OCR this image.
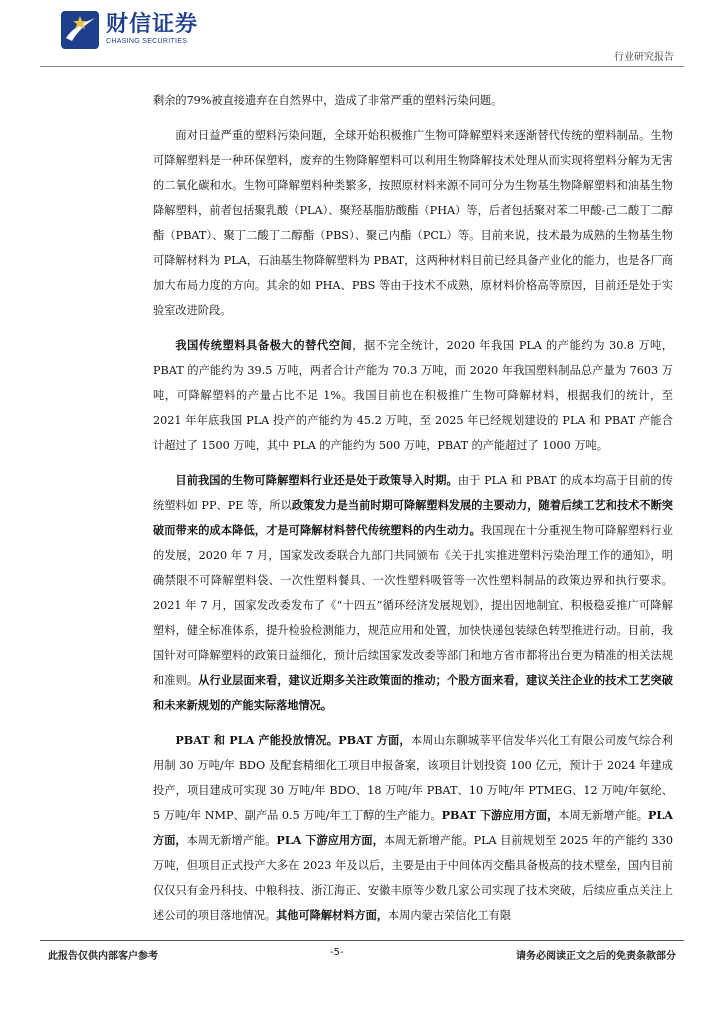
财信证券
CHASING SECURITIES
行业研究报告

剩余的79%被直接遗弃在自然界中，造成了非常严重的塑料污染问题。

面对日益严重的塑料污染问题，全球开始积极推广生物可降解塑料来逐渐替代传统的塑料制品。生物可降解塑料是一种环保塑料，废弃的生物降解塑料可以利用生物降解技术处理从而实现将塑料分解为无害的二氧化碳和水。生物可降解塑料种类繁多，按照原材料来源不同可分为生物基生物降解塑料和油基生物降解塑料，前者包括聚乳酸（PLA）、聚羟基脂肪酸酯（PHA）等，后者包括聚对苯二甲酸-己二酸丁二醇酯（PBAT）、聚丁二酸丁二醇酯（PBS）、聚己内酯（PCL）等。目前来说，技术最为成熟的生物基生物可降解材料为 PLA，石油基生物降解塑料为 PBAT，这两种材料目前已经具备产业化的能力，也是各厂商加大布局力度的方向。其余的如 PHA、PBS 等由于技术不成熟，原材料价格高等原因，目前还是处于实验室改进阶段。

我国传统塑料具备极大的替代空间，据不完全统计，2020 年我国 PLA 的产能约为 30.8 万吨，PBAT 的产能约为 39.5 万吨，两者合计产能为 70.3 万吨，而 2020 年我国塑料制品总产量为 7603 万吨，可降解塑料的产量占比不足 1%。我国目前也在积极推广生物可降解材料，根据我们的统计，至 2021 年年底我国 PLA 投产的产能约为 45.2 万吨，至 2025 年已经规划建设的 PLA 和 PBAT 产能合计超过了 1500 万吨，其中 PLA 的产能约为 500 万吨，PBAT 的产能超过了 1000 万吨。

目前我国的生物可降解塑料行业还是处于政策导入时期。由于 PLA 和 PBAT 的成本均高于目前的传统塑料如 PP、PE 等，所以政策发力是当前时期可降解塑料发展的主要动力，随着后续工艺和技术不断突破而带来的成本降低，才是可降解材料替代传统塑料的内生动力。我国现在十分重视生物可降解塑料行业的发展，2020 年 7 月，国家发改委联合九部门共同颁布《关于扎实推进塑料污染治理工作的通知》，明确禁限不可降解塑料袋、一次性塑料餐具、一次性塑料吸管等一次性塑料制品的政策边界和执行要求。2021 年 7 月，国家发改委发布了《“十四五”循环经济发展规划》，提出因地制宜、积极稳妥推广可降解塑料，健全标准体系，提升检验检测能力，规范应用和处置，加快快递包装绿色转型推进行动。目前，我国针对可降解塑料的政策日益细化，预计后续国家发改委等部门和地方省市都将出台更为精准的相关法规和准则。从行业层面来看，建议近期多关注政策面的推动；个股方面来看，建议关注企业的技术工艺突破和未来新规划的产能实际落地情况。

PBAT 和 PLA 产能投放情况。PBAT 方面，本周山东聊城莘平信发华兴化工有限公司废气综合利用制 30 万吨/年 BDO 及配套精细化工项目申报备案，该项目计划投资 100 亿元，预计于 2024 年建成投产，项目建成可实现 30 万吨/年 BDO、18 万吨/年 PBAT、10 万吨/年 PTMEG、12 万吨/年氨纶、5 万吨/年 NMP、副产品 0.5 万吨/年工丁醇的生产能力。PBAT 下游应用方面，本周无新增产能。PLA 方面，本周无新增产能。PLA 下游应用方面，本周无新增产能。PLA 目前规划至 2025 年的产能约 330 万吨，但项目正式投产大多在 2023 年及以后，主要是由于中间体丙交酯具备极高的技术壁垒，国内目前仅仅只有金丹科技、中粮科技、浙江海正、安徽丰原等少数几家公司实现了技术突破，后续应重点关注上述公司的项目落地情况。其他可降解材料方面，本周内蒙古荣信化工有限

此报告仅供内部客户参考	-5-	请务必阅读正文之后的免责条款部分
